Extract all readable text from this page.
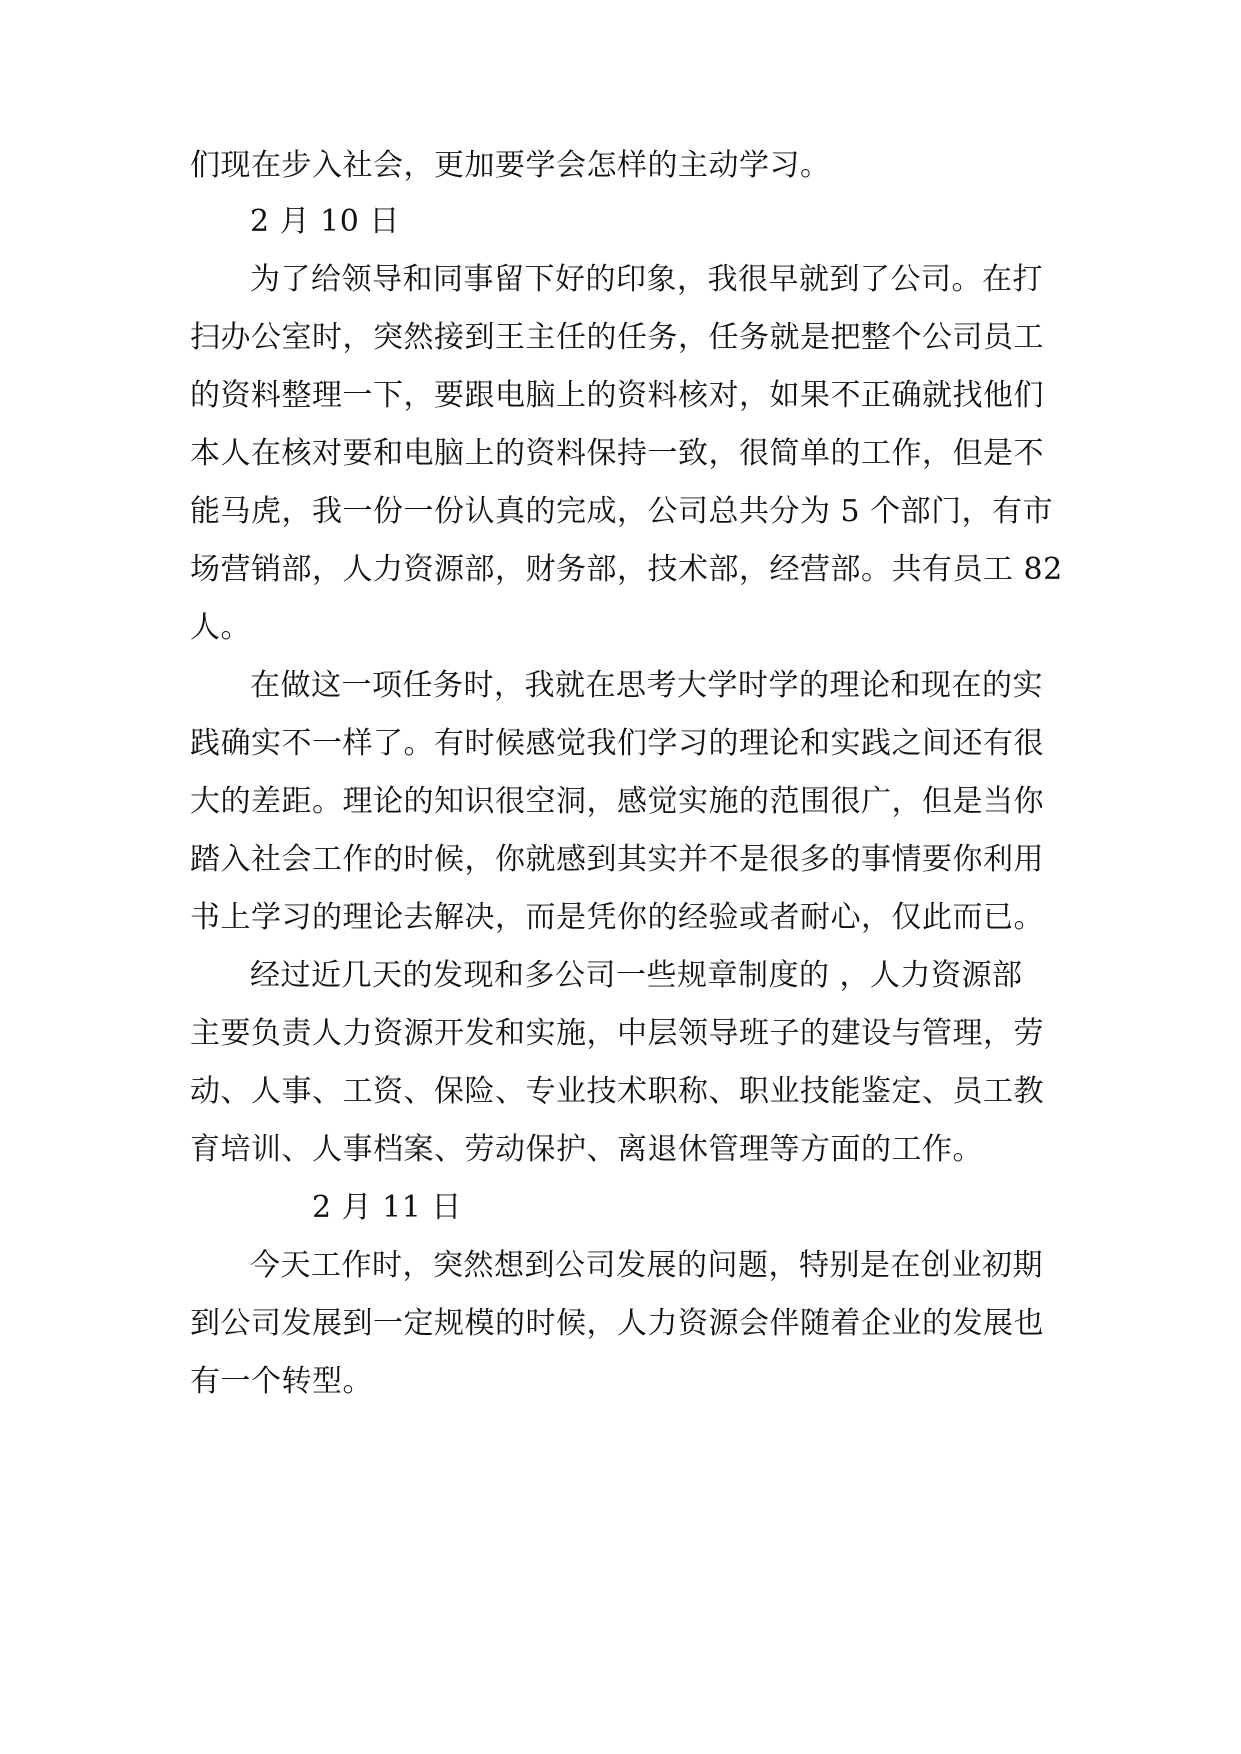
们现在步入社会，更加要学会怎样的主动学习。
2 月 10 日
为了给领导和同事留下好的印象，我很早就到了公司。在打
扫办公室时，突然接到王主任的任务，任务就是把整个公司员工
的资料整理一下，要跟电脑上的资料核对，如果不正确就找他们
本人在核对要和电脑上的资料保持一致，很简单的工作，但是不
能马虎，我一份一份认真的完成，公司总共分为 5 个部门，有市
场营销部，人力资源部，财务部，技术部，经营部。共有员工 82
人。
在做这一项任务时，我就在思考大学时学的理论和现在的实
践确实不一样了。有时候感觉我们学习的理论和实践之间还有很
大的差距。理论的知识很空洞，感觉实施的范围很广，但是当你
踏入社会工作的时候，你就感到其实并不是很多的事情要你利用
书上学习的理论去解决，而是凭你的经验或者耐心，仅此而已。
经过近几天的发现和多公司一些规章制度的 ，人力资源部
主要负责人力资源开发和实施，中层领导班子的建设与管理，劳
动、人事、工资、保险、专业技术职称、职业技能鉴定、员工教
育培训、人事档案、劳动保护、离退休管理等方面的工作。
2 月 11 日
今天工作时，突然想到公司发展的问题，特别是在创业初期
到公司发展到一定规模的时候，人力资源会伴随着企业的发展也
有一个转型。
